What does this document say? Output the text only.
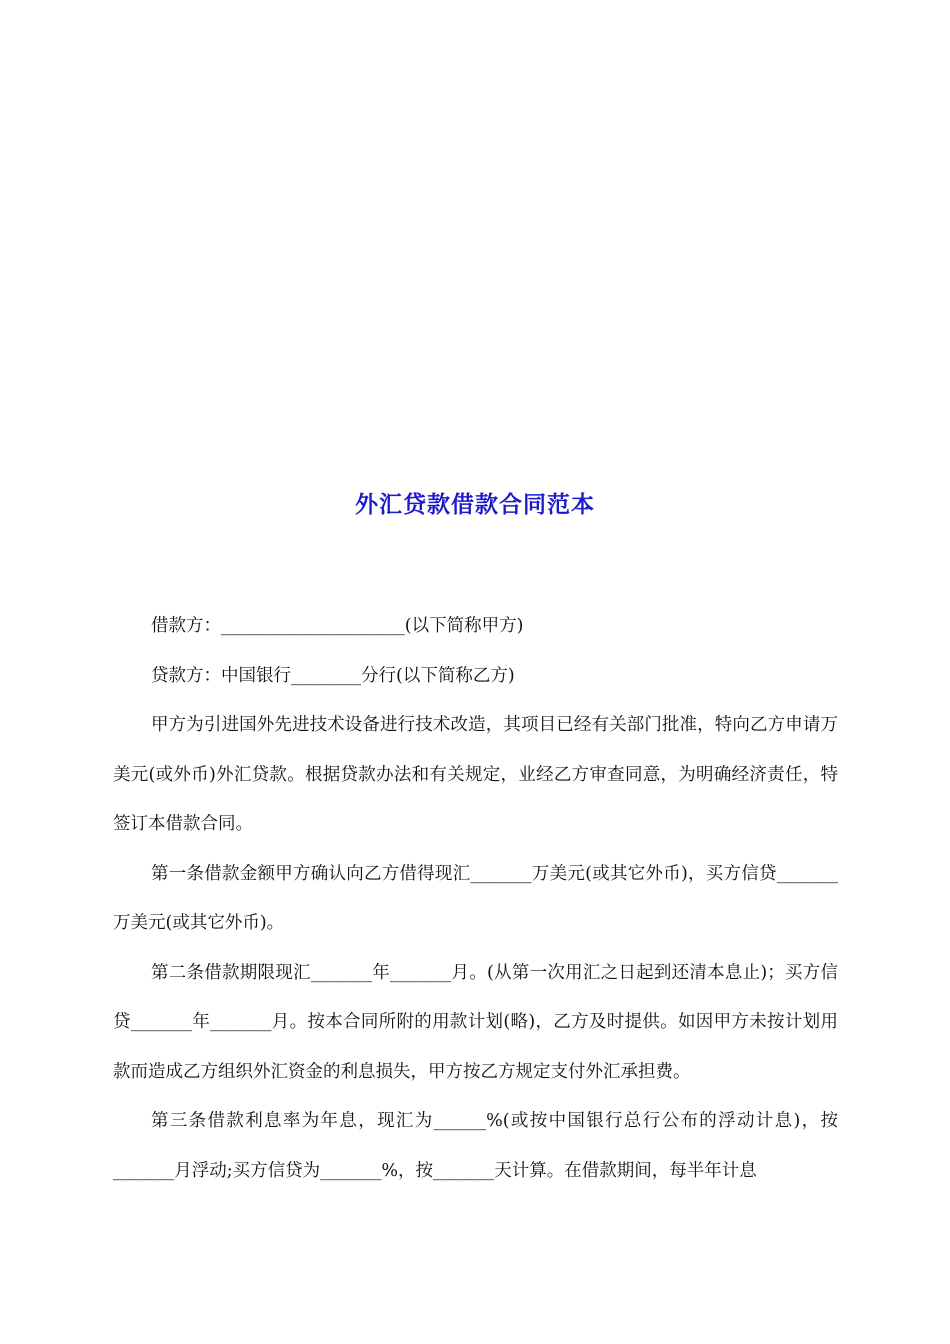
外汇贷款借款合同范本

借款方：_____________________(以下简称甲方)

贷款方：中国银行________分行(以下简称乙方)

甲方为引进国外先进技术设备进行技术改造，其项目已经有关部门批准，特向乙方申请万美元(或外币)外汇贷款。根据贷款办法和有关规定，业经乙方审查同意，为明确经济责任，特签订本借款合同。

第一条借款金额甲方确认向乙方借得现汇_______万美元(或其它外币)，买方信贷_______万美元(或其它外币)。

第二条借款期限现汇_______年_______月。(从第一次用汇之日起到还清本息止)；买方信贷_______年_______月。按本合同所附的用款计划(略)，乙方及时提供。如因甲方未按计划用款而造成乙方组织外汇资金的利息损失，甲方按乙方规定支付外汇承担费。

第三条借款利息率为年息，现汇为______%(或按中国银行总行公布的浮动计息)，按_______月浮动;买方信贷为_______%，按_______天计算。在借款期间，每半年计息
